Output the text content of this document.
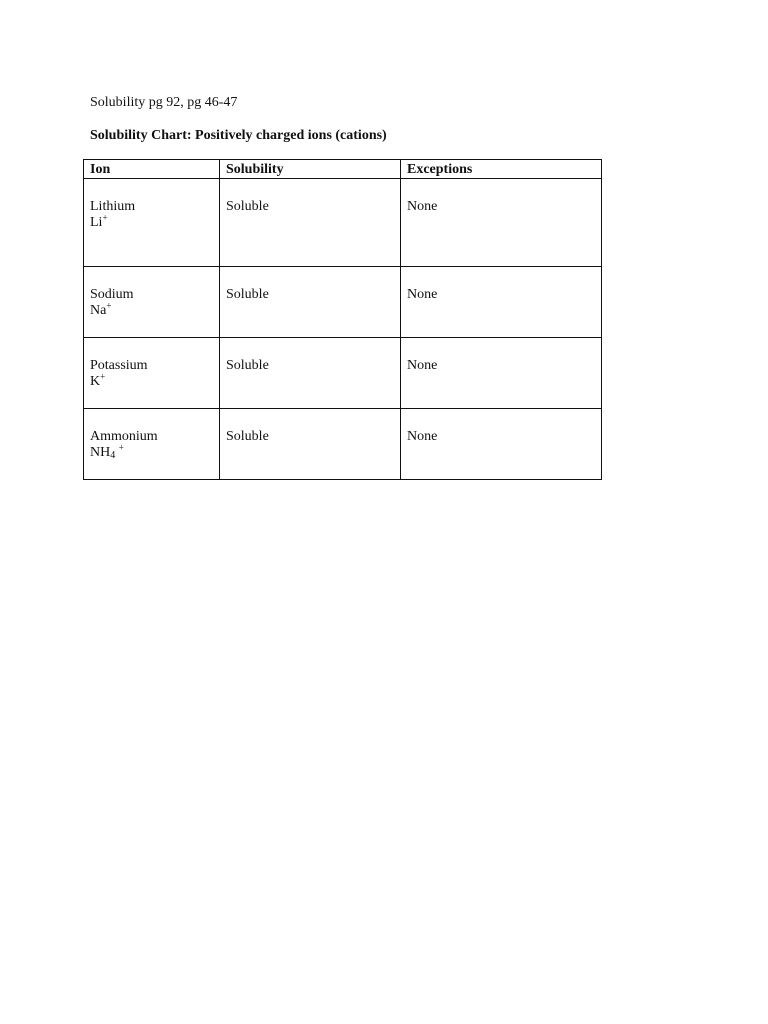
Solubility pg 92, pg 46-47
Solubility Chart: Positively charged ions (cations)
Ion	Solubility	Exceptions

Lithium
Li+	Soluble	None

Sodium
Na+	Soluble	None

Potassium
K+	Soluble	None

Ammonium
$NH_4$ +	Soluble	None
